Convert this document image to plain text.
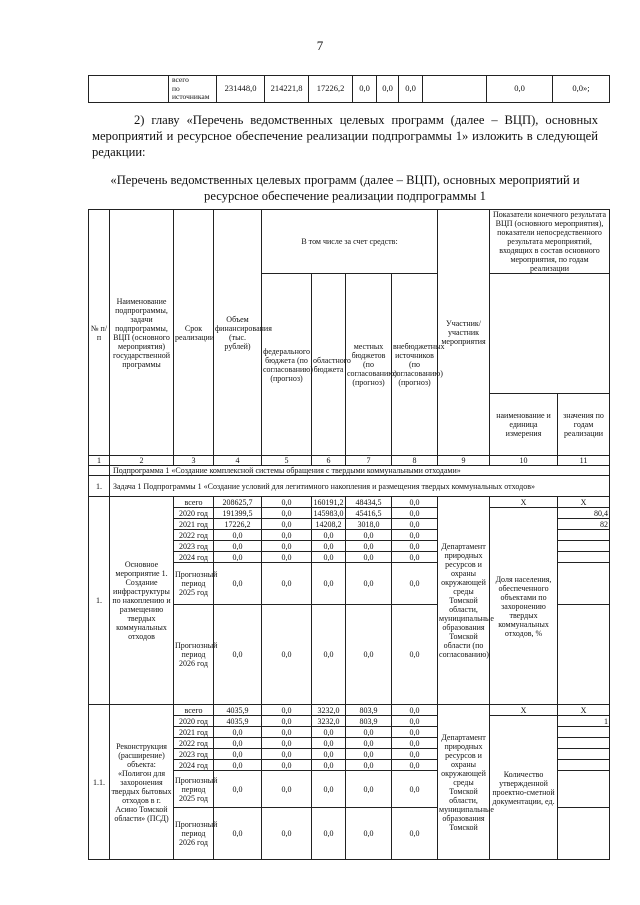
7
	всего
по источникам	231448,0	214221,8	17226,2	0,0	0,0	0,0		0,0	0,0»;
2) главу «Перечень ведомственных целевых программ (далее – ВЦП), основных мероприятий и ресурсное обеспечение реализации подпрограммы 1» изложить в следующей редакции:
«Перечень ведомственных целевых программ (далее – ВЦП), основных мероприятий и ресурсное обеспечение реализации подпрограммы 1
№ п/п	Наименование подпрограммы, задачи подпрограммы, ВЦП (основного мероприятия) государственной программы	Срок реализации	Объем финансирования (тыс. рублей)	В том числе за счет средств:				Участник/ участник мероприятия	Показатели конечного результата ВЦП (основного мероприятия), показатели непосредственного результата мероприятий, входящих в состав основного мероприятия, по годам реализации	
				федерального бюджета (по согласованию) (прогноз)	областного бюджета	местных бюджетов (по согласованию) (прогноз)	внебюджетных источников (по согласованию) (прогноз)			
									наименование и единица измерения	значения по годам реализации
1	2	3	4	5	6	7	8	9	10	11
	Подпрограмма 1 «Создание комплексной системы обращения с твердыми коммунальными отходами»									
1.	Задача 1 Подпрограммы 1 «Создание условий для легитимного накопления и размещения твердых коммунальных отходов»									
1.	Основное мероприятие 1. Создание инфраструктуры по накоплению и размещению твердых коммунальных отходов	всего	208625,7	0,0	160191,2	48434,5	0,0	Департамент природных ресурсов и охраны окружающей среды Томской области, муниципальные образования Томской области (по согласованию)	Х	Х
		2020 год	191399,5	0,0	145983,0	45416,5	0,0		Доля населения, обеспеченного объектами по захоронению твердых коммунальных отходов, %	80,4
		2021 год	17226,2	0,0	14208,2	3018,0	0,0			82
		2022 год	0,0	0,0	0,0	0,0	0,0			
		2023 год	0,0	0,0	0,0	0,0	0,0			
		2024 год	0,0	0,0	0,0	0,0	0,0			
		Прогнозный период 2025 год	0,0	0,0	0,0	0,0	0,0			
		Прогнозный период 2026 год	0,0	0,0	0,0	0,0	0,0			
1.1.	Реконструкция (расширение) объекта: «Полигон для захоронения твердых бытовых отходов в г. Асино Томской области» (ПСД)	всего	4035,9	0,0	3232,0	803,9	0,0	Департамент природных ресурсов и охраны окружающей среды Томской области, муниципальные образования Томской	Х	Х
		2020 год	4035,9	0,0	3232,0	803,9	0,0		Количество утвержденной проектно-сметной документации, ед.	1
		2021 год	0,0	0,0	0,0	0,0	0,0			
		2022 год	0,0	0,0	0,0	0,0	0,0			
		2023 год	0,0	0,0	0,0	0,0	0,0			
		2024 год	0,0	0,0	0,0	0,0	0,0			
		Прогнозный период 2025 год	0,0	0,0	0,0	0,0	0,0			
		Прогнозный период 2026 год	0,0	0,0	0,0	0,0	0,0			
